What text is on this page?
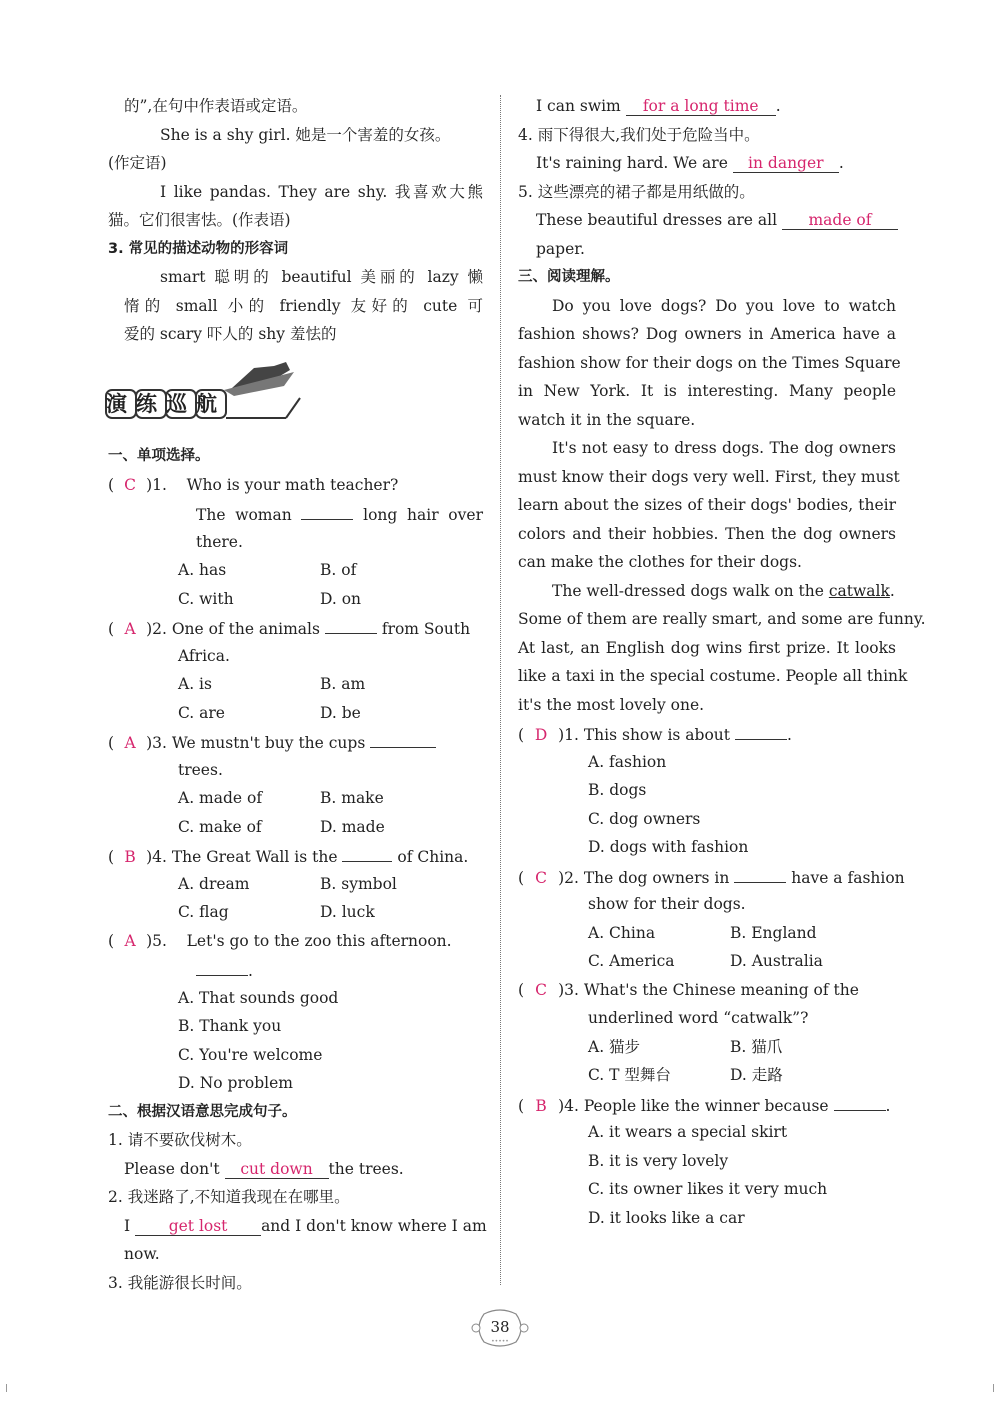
的”,在句中作表语或定语。
She is a shy girl. 她是一个害羞的女孩。
(作定语)
I like pandas. They are shy. 我喜欢大熊
猫。它们很害怯。(作表语)
3. 常见的描述动物的形容词
smart 聪明的 beautiful 美丽的 lazy 懒
惰的 small 小的 friendly 友好的 cute 可
爱的 scary 吓人的 shy 羞怯的
演练巡航
一、单项选择。
( C )1. Who is your math teacher?
The woman	long hair over
there.
A. has	B. of
C. with	D. on
( A )2. One of the animals	from South
Africa.
A. is	B. am
C. are	D. be
( A )3. We mustn't buy the cups
trees.
A. made of	B. make
C. make of	D. made
( B )4. The Great Wall is the	of China.
A. dream	B. symbol
C. flag	D. luck
( A )5. Let's go to the zoo this afternoon.
.
A. That sounds good
B. Thank you
C. You're welcome
D. No problem
二、根据汉语意思完成句子。
1. 请不要砍伐树木。
Please don't cut down the trees.
2. 我迷路了,不知道我现在在哪里。
I get lost and I don't know where I am
now.
3. 我能游很长时间。
I can swim for a long time .
4. 雨下得很大,我们处于危险当中。
It's raining hard. We are in danger .
5. 这些漂亮的裙子都是用纸做的。
These beautiful dresses are all made of
paper.
三、阅读理解。
Do you love dogs? Do you love to watch
fashion shows? Dog owners in America have a
fashion show for their dogs on the Times Square
in New York. It is interesting. Many people
watch it in the square.
It's not easy to dress dogs. The dog owners
must know their dogs very well. First, they must
learn about the sizes of their dogs' bodies, their
colors and their hobbies. Then the dog owners
can make the clothes for their dogs.
The well-dressed dogs walk on the catwalk.
Some of them are really smart, and some are funny.
At last, an English dog wins first prize. It looks
like a taxi in the special costume. People all think
it's the most lovely one.
( D )1. This show is about	.
A. fashion
B. dogs
C. dog owners
D. dogs with fashion
( C )2. The dog owners in	have a fashion
show for their dogs.
A. China	B. England
C. America	D. Australia
( C )3. What's the Chinese meaning of the
underlined word “catwalk”?
A. 猫步	B. 猫爪
C. T 型舞台	D. 走路
( B )4. People like the winner because	.
A. it wears a special skirt
B. it is very lovely
C. its owner likes it very much
D. it looks like a car
38
•••••
